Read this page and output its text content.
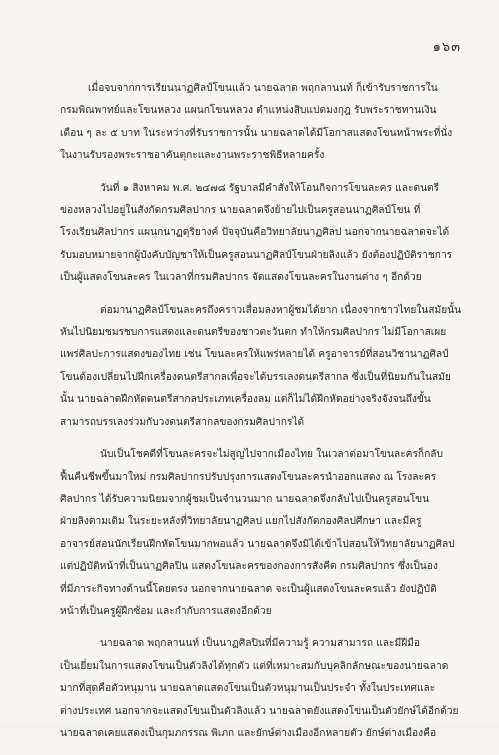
๑๖๓
เมื่อจบจากการเรียนนาฏศิลป์โขนแล้ว นายฉลาด พฤกลานนท์ ก็เข้ารับราชการใน
กรมพิณพาทย์และโขนหลวง แผนกโขนหลวง ตำแหน่งสิบแปดมงกุฎ รับพระราชทานเงิน
เดือน ๆ ละ ๕ บาท ในระหว่างที่รับราชการนั้น นายฉลาดได้มีโอกาสแสดงโขนหน้าพระที่นั่ง
ในงานรับรองพระราชอาคันตุกะและงานพระราชพิธีหลายครั้ง
วันที่ ๑ สิงหาคม พ.ศ. ๒๔๗๘ รัฐบาลมีคำสั่งให้โอนกิจการโขนละคร และดนตรี
ของหลวงไปอยู่ในสังกัดกรมศิลปากร นายฉลาดจึงย้ายไปเป็นครูสอนนาฏศิลป์โขน ที่
โรงเรียนศิลปากร แผนกนาฏดุริยางค์ ปัจจุบันคือวิทยาลัยนาฏศิลป นอกจากนายฉลาดจะได้
รับมอบหมายจากผู้บังคับบัญชาให้เป็นครูสอนนาฏศิลป์โขนฝ่ายลิงแล้ว ยังต้องปฏิบัติราชการ
เป็นผู้แสดงโขนละคร ในเวลาที่กรมศิลปากร จัดแสดงโขนละครในงานต่าง ๆ อีกด้วย
ต่อมานาฏศิลป์โขนละครถึงคราวเสื่อมลงหาผู้ชมได้ยาก เนื่องจากชาวไทยในสมัยนั้น
หันไปนิยมชมรชบการแสดงและดนตรีของชาวตะวันตก ทำให้กรมศิลปากร ไม่มีโอกาสเผย
แพร่ศิลปะการแสดงของไทย เช่น โขนละครให้แพร่หลายได้ ครูอาจารย์ที่สอนวิชานาฏศิลป์
โขนต้องเปลี่ยนไปฝึกเครื่องดนตรีสากลเพื่อจะได้บรรเลงดนตรีสากล ซึ่งเป็นที่นิยมกันในสมัย
นั้น นายฉลาดฝึกหัดดนตรีสากลประเภทเครื่องลม แต่ก็ไม่ได้ฝึกหัดอย่างจริงจังจนถึงขั้น
สามารถบรรเลงร่วมกับวงดนตรีสากลของกรมศิลปากรได้
นับเป็นโชคดีที่โขนละครจะไม่สูญไปจากเมืองไทย ในเวลาต่อมาโขนละครก็กลับ
ฟื้นคืนชีพขึ้นมาใหม่ กรมศิลปากรปรับปรุงการแสดงโขนละครนำออกแสดง ณ โรงละคร
ศิลปากร ได้รับความนิยมจากผู้ชมเป็นจำนวนมาก นายฉลาดจึงกลับไปเป็นครูสอนโขน
ฝ่ายลิงตามเดิม ในระยะหลังที่วิทยาลัยนาฏศิลป แยกไปสังกัดกองศิลปศึกษา และมีครู
อาจารย์สอนนักเรียนฝึกหัดโขนมากพอแล้ว นายฉลาดจึงมิได้เข้าไปสอนให้วิทยาลัยนาฏศิลป
แต่ปฏิบัติหน้าที่เป็นนาฏศิลปิน แสดงโขนละครของกองการสังคีต กรมศิลปากร ซึ่งเป็นอง
ที่มีภาระกิจทางด้านนี้โดยตรง นอกจากนายฉลาด จะเป็นผู้แสดงโขนละครแล้ว ยังปฏิบัติ
หน้าที่เป็นครูผู้ฝึกซ้อม และกำกับการแสดงอีกด้วย
นายฉลาด พฤกลานนท์ เป็นนาฏศิลปินที่มีความรู้ ความสามารถ และมีฝีมือ
เป็นเยี่ยมในการแสดงโขนเป็นตัวลิงได้ทุกตัว แต่ที่เหมาะสมกับบุคลิกลักษณะของนายฉลาด
มากที่สุดคือตัวหนุมาน นายฉลาดแสดงโขนเป็นตัวหนุมานเป็นประจำ ทั้งในประเทศและ
ต่างประเทศ นอกจากจะแสดงโขนเป็นตัวลิงแล้ว นายฉลาดยังแสดงโขนเป็นตัวยักษ์ได้อีกด้วย
นายฉลาดเคยแสดงเป็นกุมภกรรณ พิเภก และยักษ์ต่างเมืองอีกหลายตัว ยักษ์ต่างเมืองคือ
